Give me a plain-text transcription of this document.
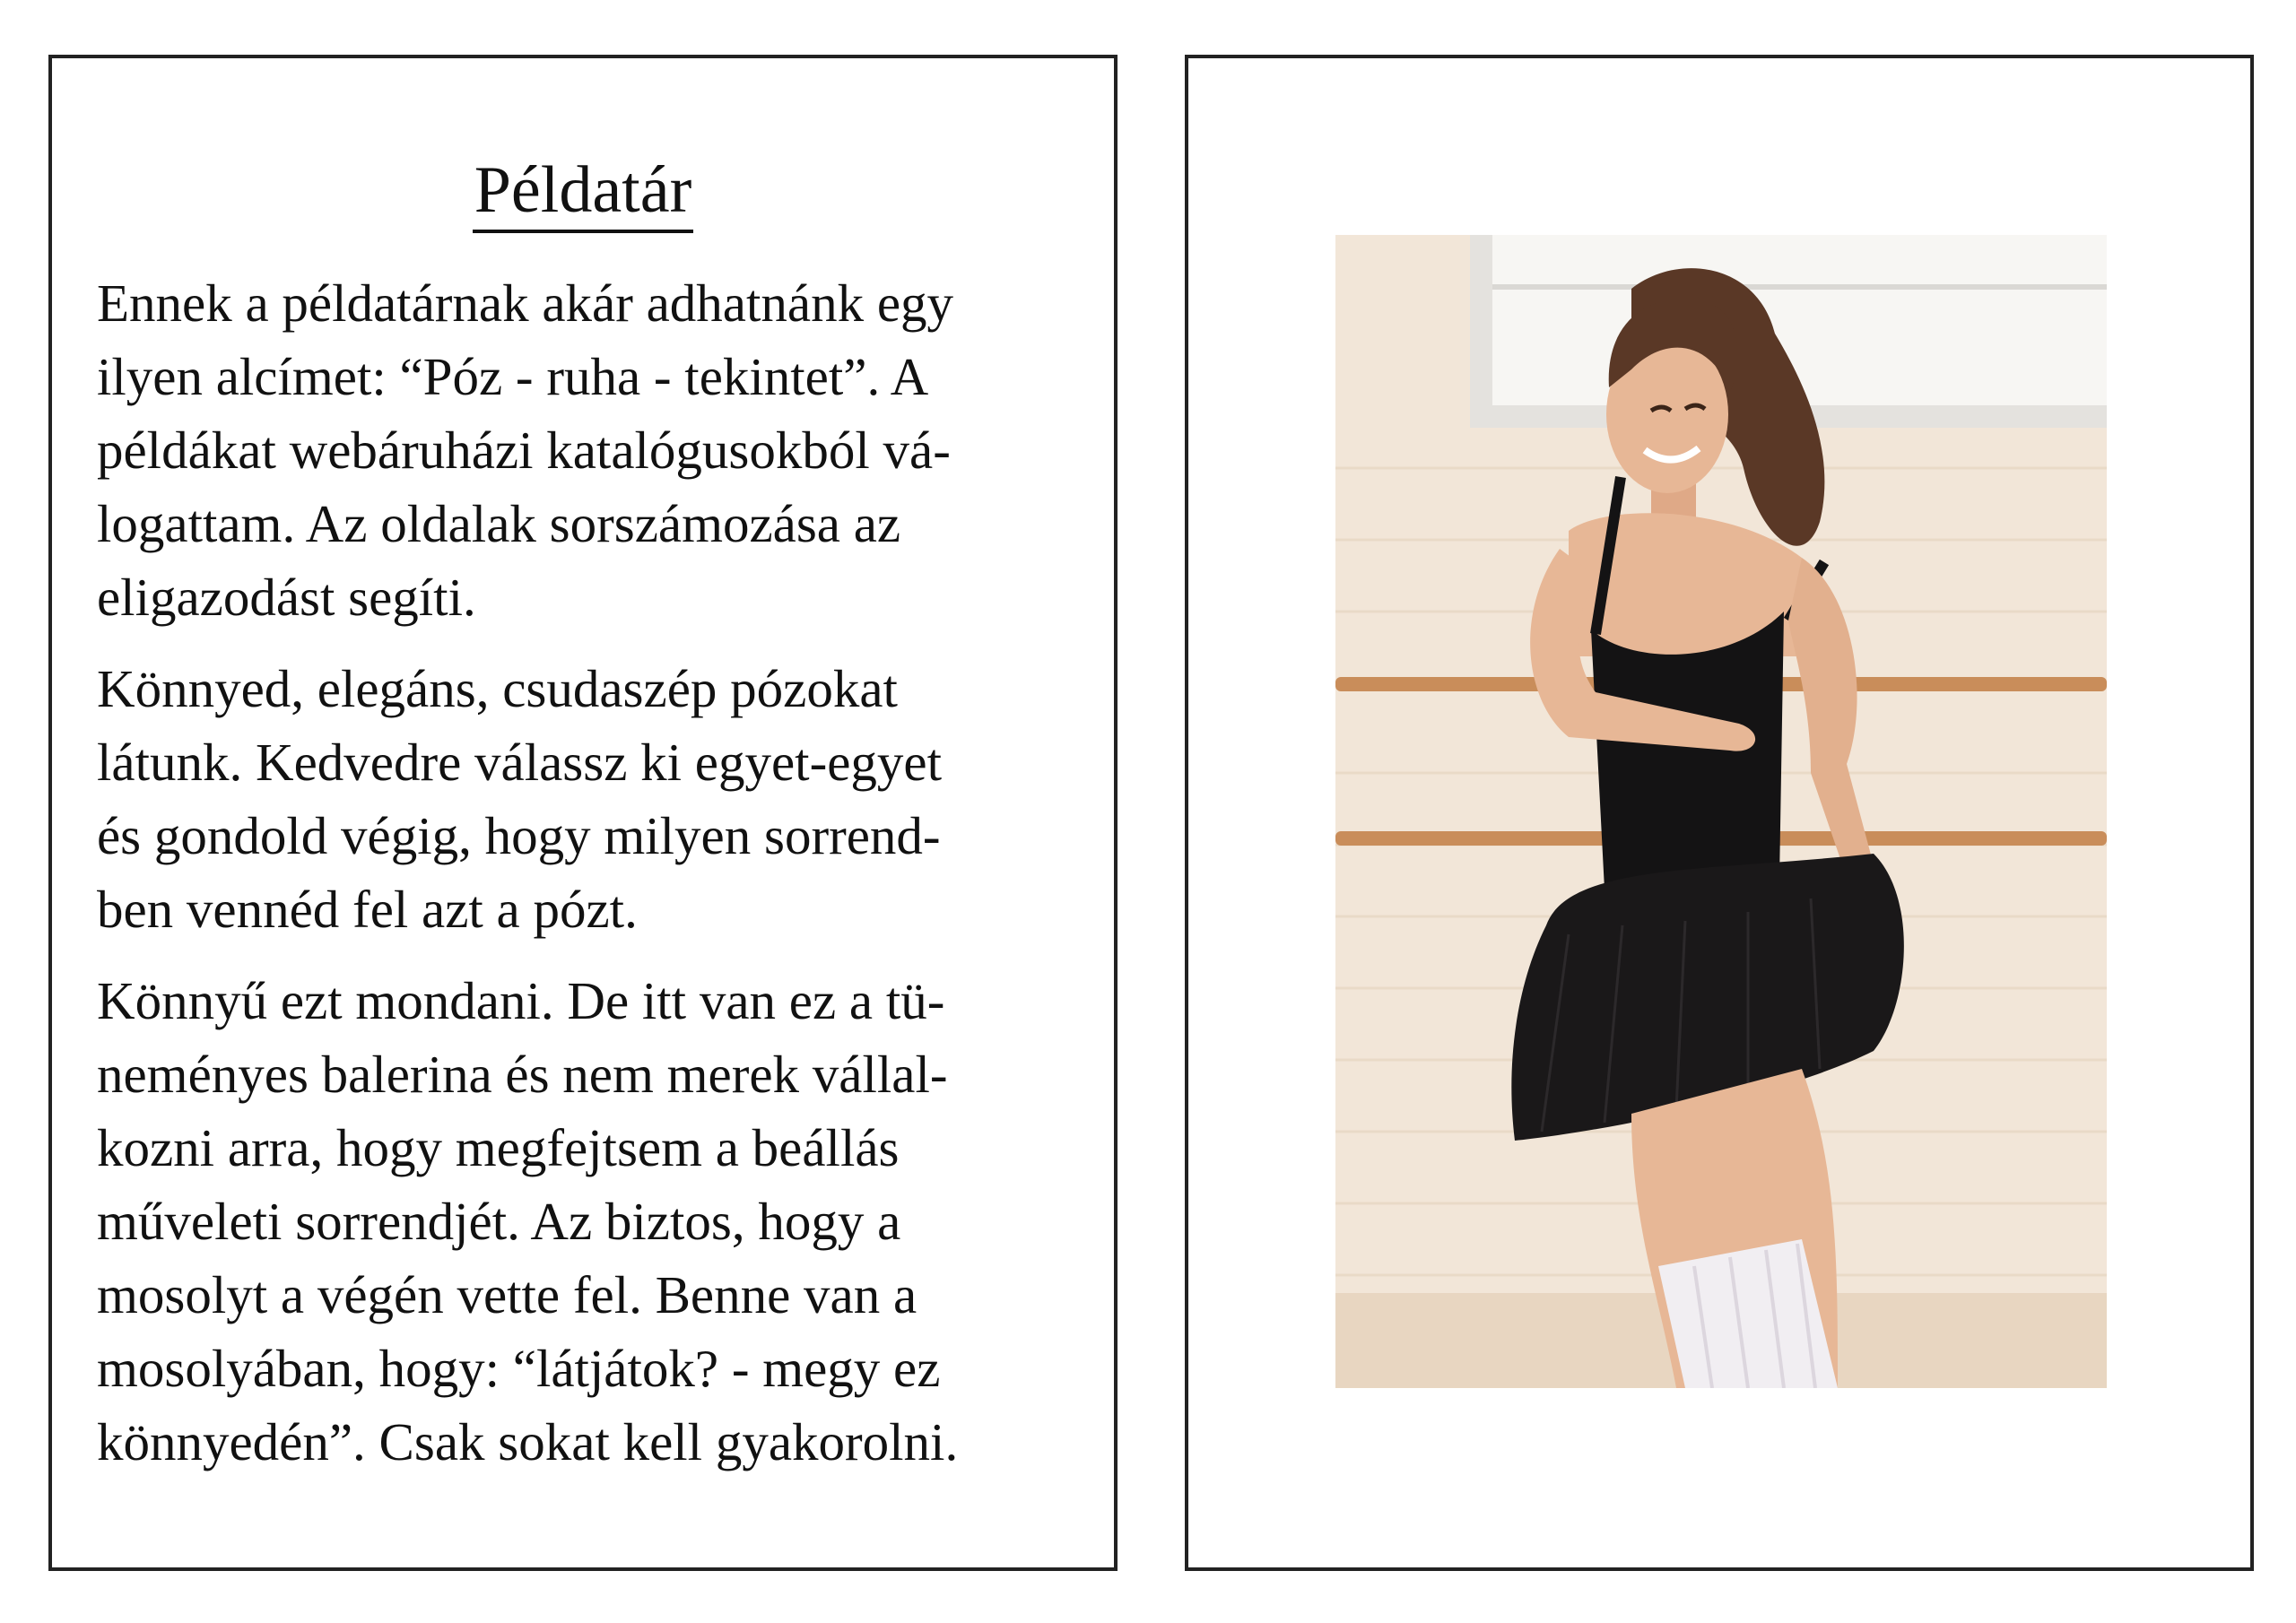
Példatár

Ennek a példatárnak akár adhatnánk egy
ilyen alcímet: “Póz - ruha - tekintet”. A
példákat webáruházi katalógusokból vá-
logattam. Az oldalak sorszámozása az
eligazodást segíti.

Könnyed, elegáns, csudaszép pózokat
látunk. Kedvedre válassz ki egyet-egyet
és gondold végig, hogy milyen sorrend-
ben vennéd fel azt a pózt.

Könnyű ezt mondani. De itt van ez a tü-
neményes balerina és nem merek vállal-
kozni arra, hogy megfejtsem a beállás
műveleti sorrendjét. Az biztos, hogy a
mosolyt a végén vette fel. Benne van a
mosolyában, hogy: “látjátok? - megy ez
könnyedén”. Csak sokat kell gyakorolni.
